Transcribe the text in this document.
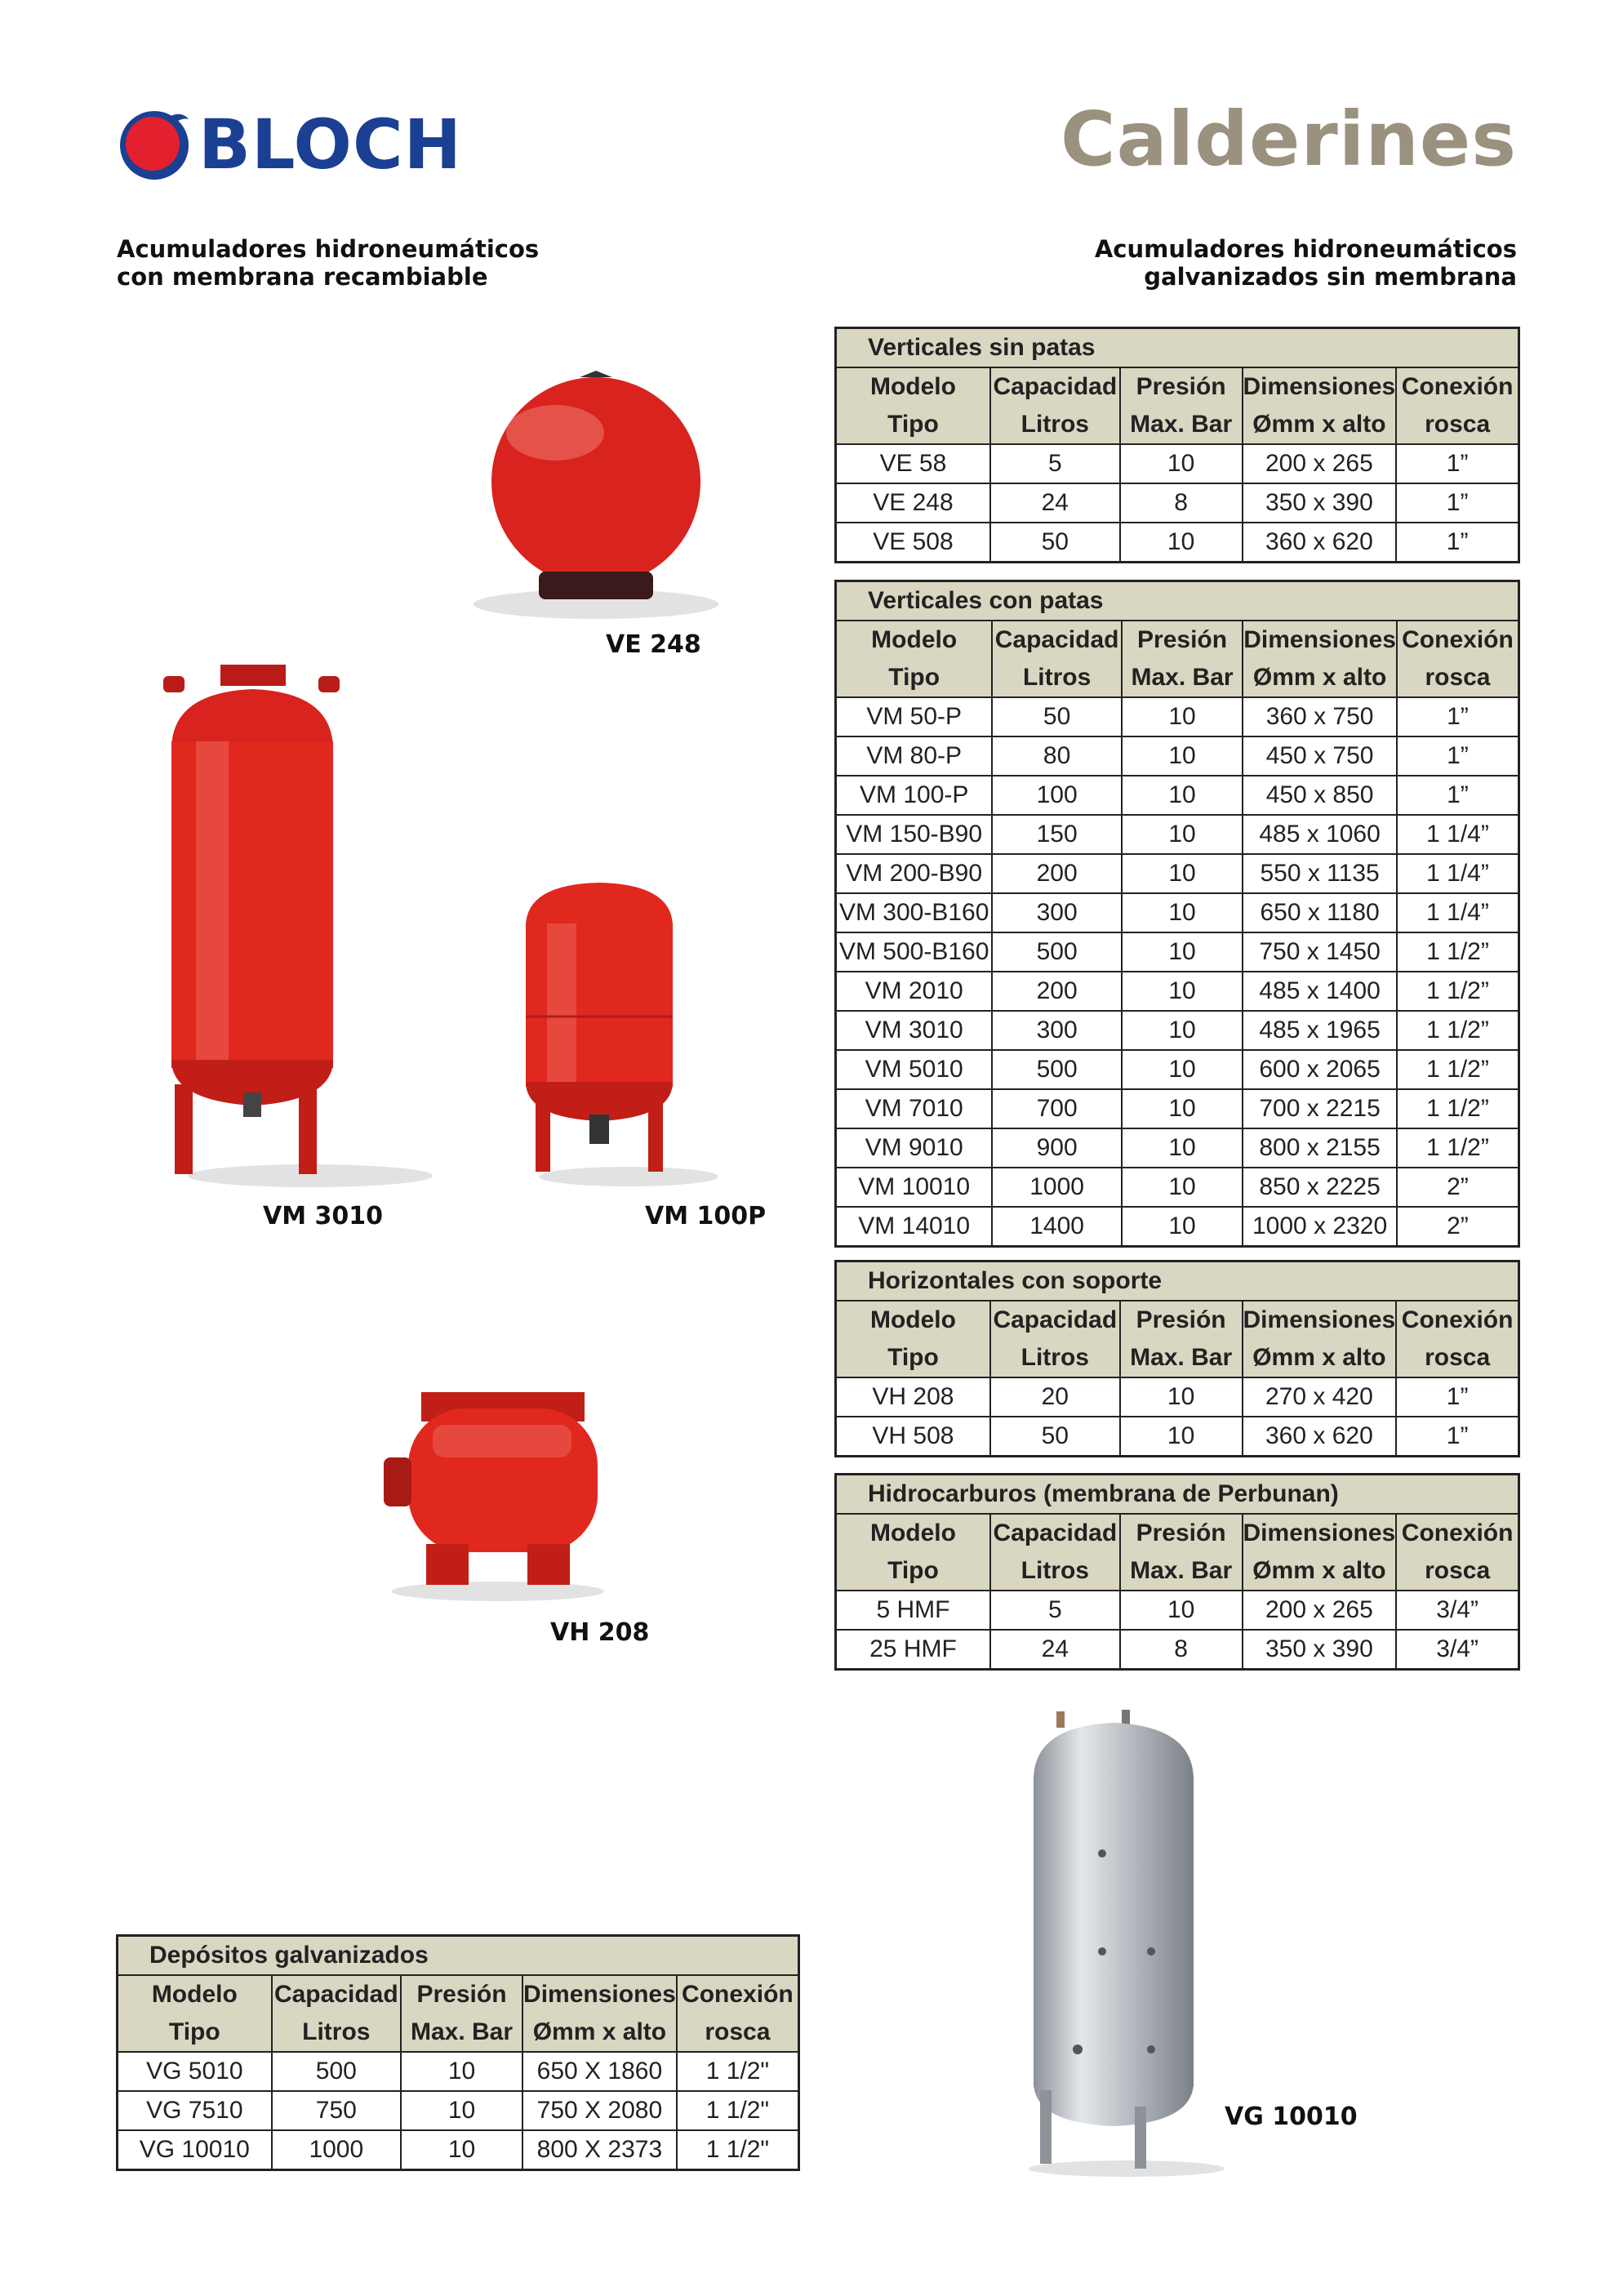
BLOCH	Calderines
Acumuladores hidroneumáticos
con membrana recambiable
Acumuladores hidroneumáticos
galvanizados sin membrana
Verticales sin patas				
Modelo	Capacidad	Presión	Dimensiones	Conexión
Tipo	Litros	Max. Bar	Ømm x alto	rosca
VE 58	5	10	200 x 265	1”
VE 248	24	8	350 x 390	1”
VE 508	50	10	360 x 620	1”
Verticales con patas				
Modelo	Capacidad	Presión	Dimensiones	Conexión
Tipo	Litros	Max. Bar	Ømm x alto	rosca
VM 50-P	50	10	360 x 750	1”
VM 80-P	80	10	450 x 750	1”
VM 100-P	100	10	450 x 850	1”
VM 150-B90	150	10	485 x 1060	1 1/4”
VM 200-B90	200	10	550 x 1135	1 1/4”
VM 300-B160	300	10	650 x 1180	1 1/4”
VM 500-B160	500	10	750 x 1450	1 1/2”
VM 2010	200	10	485 x 1400	1 1/2”
VM 3010	300	10	485 x 1965	1 1/2”
VM 5010	500	10	600 x 2065	1 1/2”
VM 7010	700	10	700 x 2215	1 1/2”
VM 9010	900	10	800 x 2155	1 1/2”
VM 10010	1000	10	850 x 2225	2”
VM 14010	1400	10	1000 x 2320	2”
Horizontales con soporte				
Modelo	Capacidad	Presión	Dimensiones	Conexión
Tipo	Litros	Max. Bar	Ømm x alto	rosca
VH 208	20	10	270 x 420	1”
VH 508	50	10	360 x 620	1”
Hidrocarburos (membrana de Perbunan)				
Modelo	Capacidad	Presión	Dimensiones	Conexión
Tipo	Litros	Max. Bar	Ømm x alto	rosca
5 HMF	5	10	200 x 265	3/4”
25 HMF	24	8	350 x 390	3/4”
Depósitos galvanizados				
Modelo	Capacidad	Presión	Dimensiones	Conexión
Tipo	Litros	Max. Bar	Ømm x alto	rosca
VG 5010	500	10	650 X 1860	1 1/2"
VG 7510	750	10	750 X 2080	1 1/2"
VG 10010	1000	10	800 X 2373	1 1/2"
VE 248
VM 3010	VM 100P
VH 208
VG 10010
